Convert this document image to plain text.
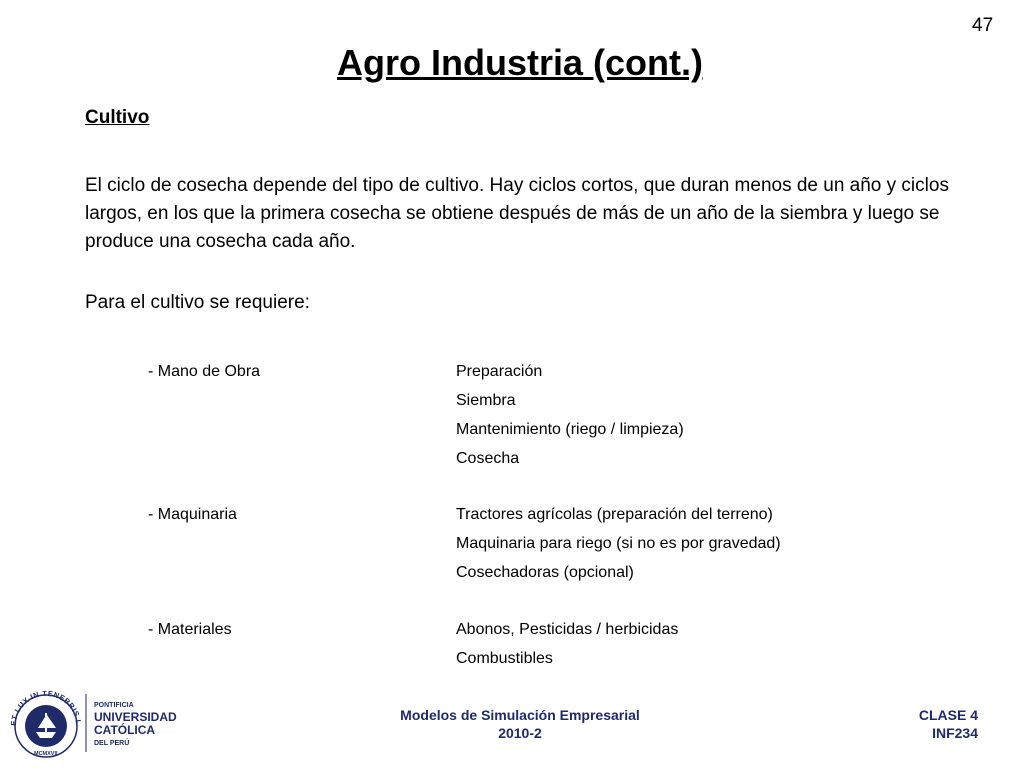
47
Agro Industria (cont.)
Cultivo

El ciclo de cosecha depende del tipo de cultivo. Hay ciclos cortos, que duran menos de un año y ciclos largos, en los que la primera cosecha se obtiene después de más de un año de la siembra y luego se produce una cosecha cada año.

Para el cultivo se requiere:
- Mano de Obra	Preparación
Siembra
Mantenimiento (riego / limpieza)
Cosecha
- Maquinaria	Tractores agrícolas (preparación del terreno)
Maquinaria para riego (si no es por gravedad)
Cosechadoras (opcional)
- Materiales	Abonos, Pesticidas / herbicidas
Combustibles
T LUX IN TENEBRIS L
MCMXVII
PONTIFICIA
UNIVERSIDAD
CATÓLICA
DEL PERÚ
Modelos de Simulación Empresarial
2010-2
CLASE 4
INF234
